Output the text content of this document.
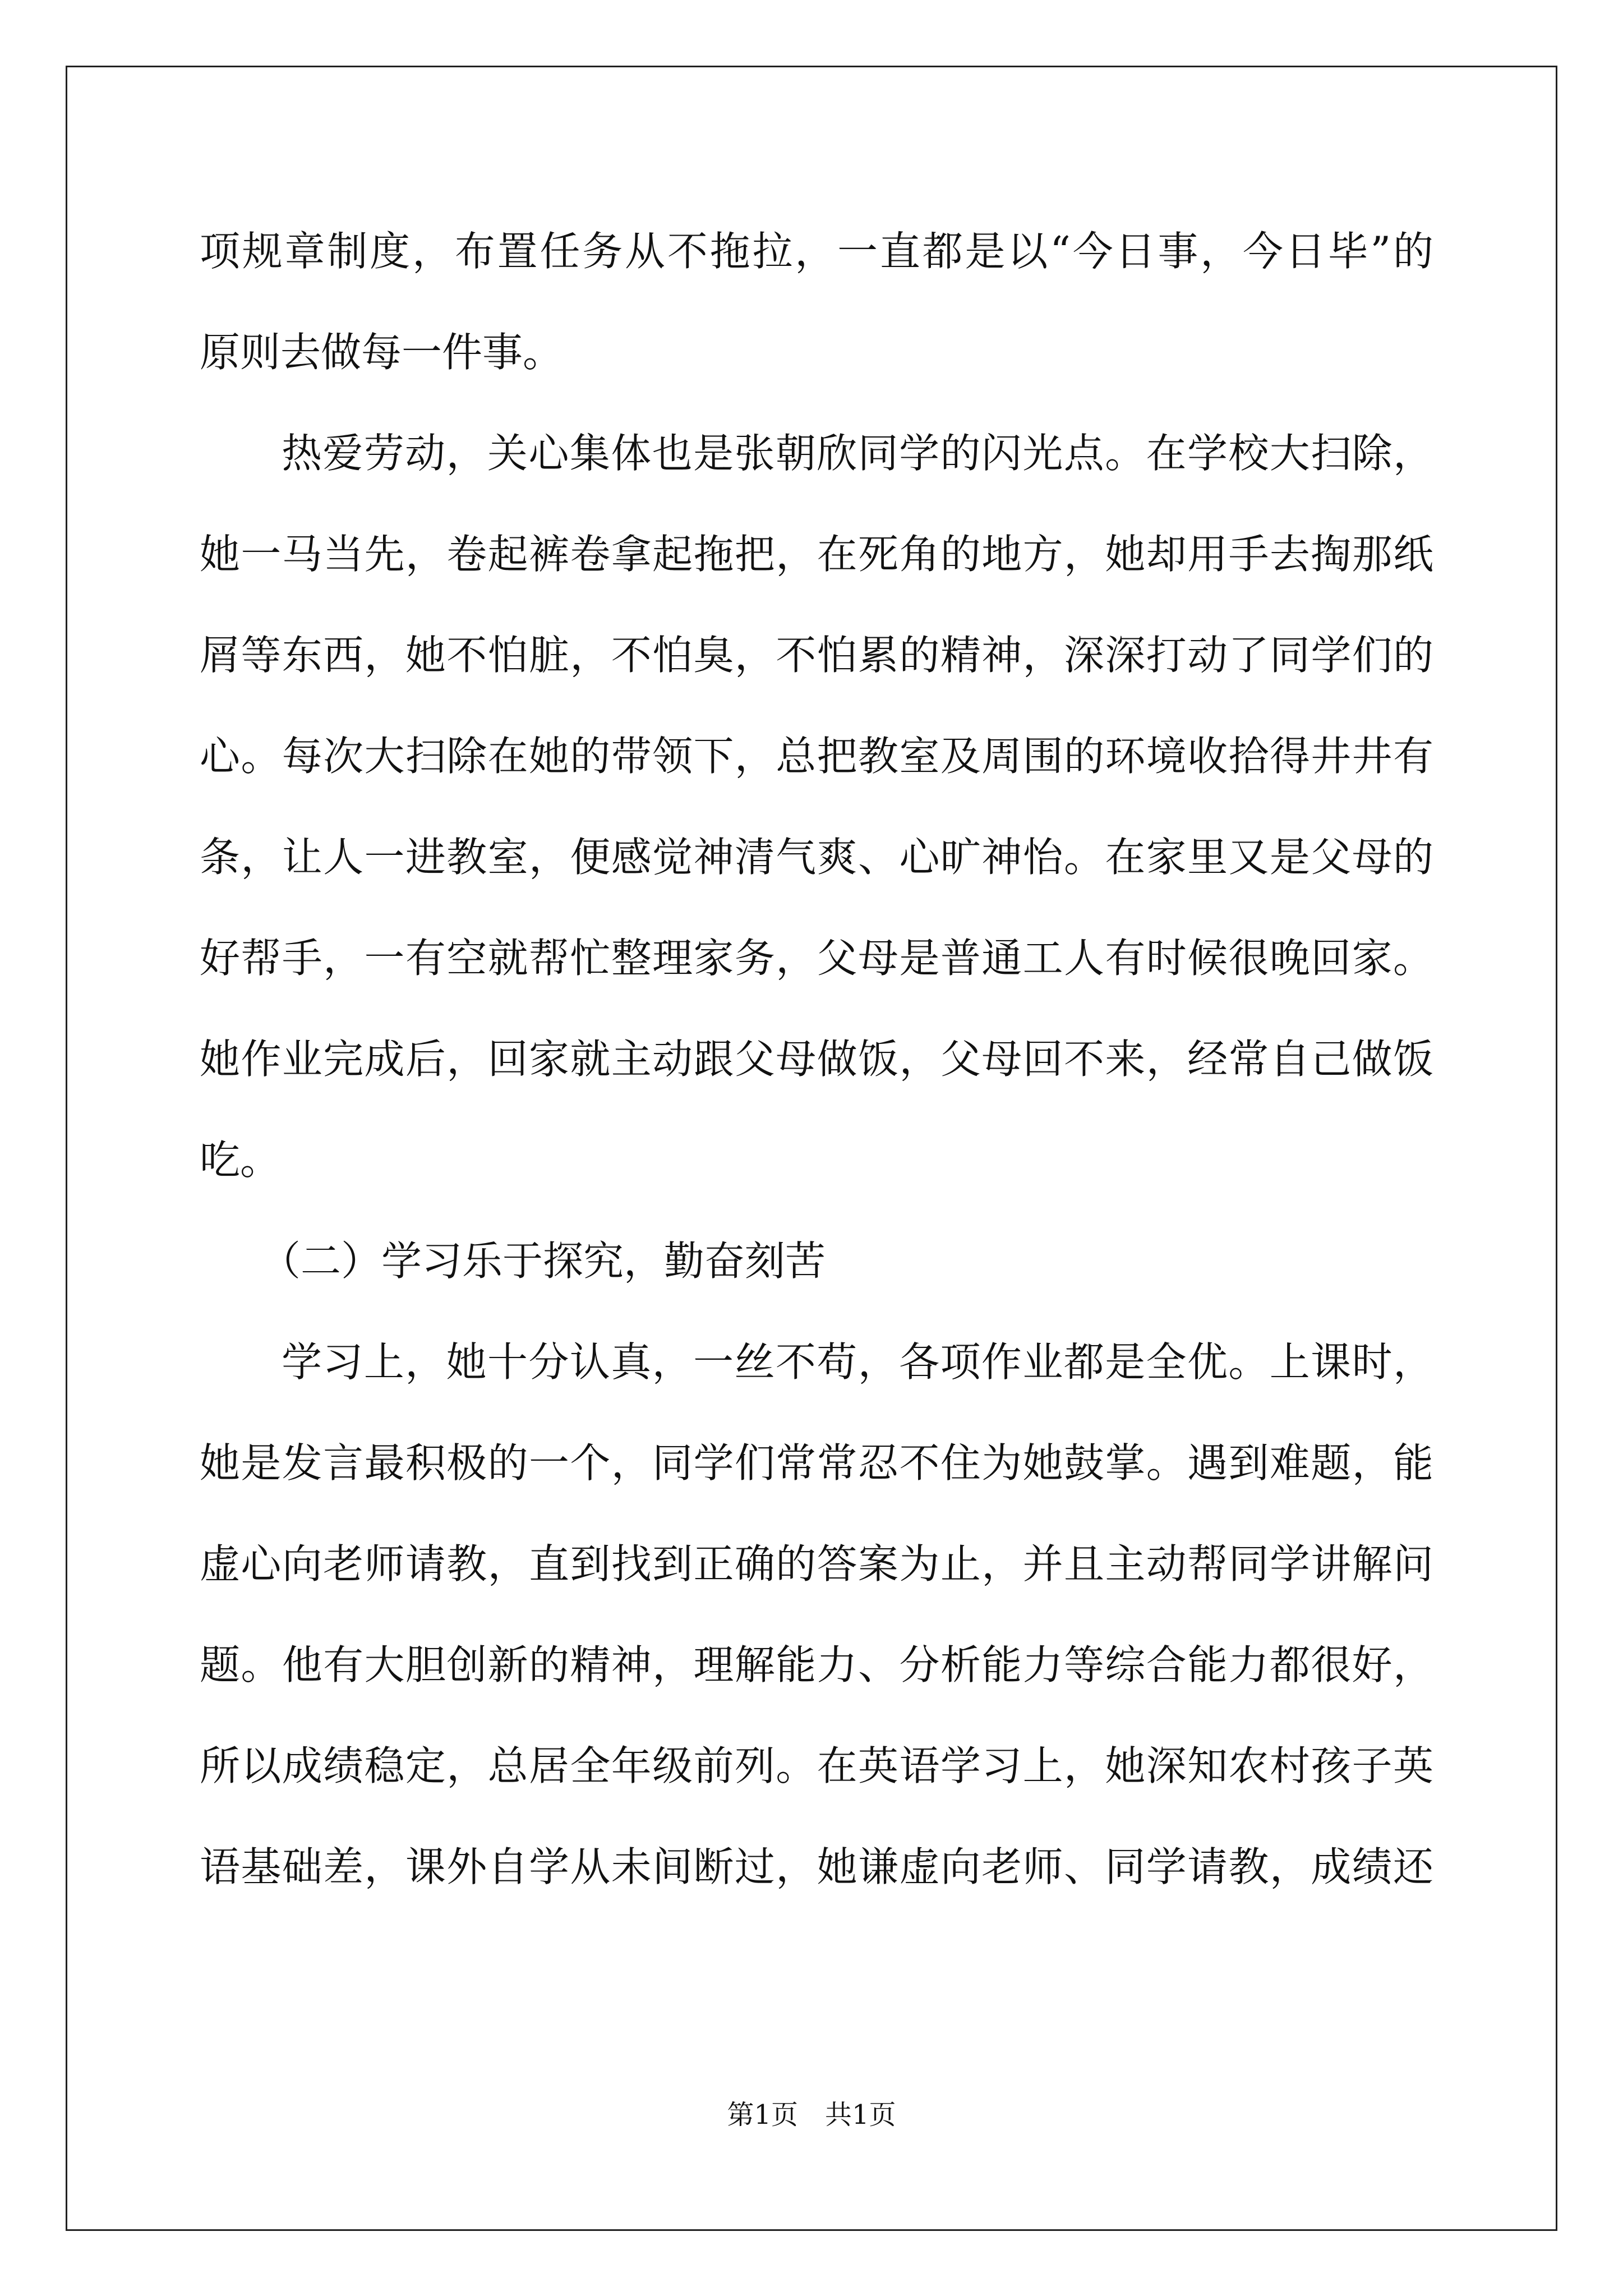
项规章制度，布置任务从不拖拉，一直都是以“今日事，今日毕”的
原则去做每一件事。
热爱劳动，关心集体也是张朝欣同学的闪光点。在学校大扫除，
她一马当先，卷起裤卷拿起拖把，在死角的地方，她却用手去掏那纸
屑等东西，她不怕脏，不怕臭，不怕累的精神，深深打动了同学们的
心。每次大扫除在她的带领下，总把教室及周围的环境收拾得井井有
条，让人一进教室，便感觉神清气爽、心旷神怡。在家里又是父母的
好帮手，一有空就帮忙整理家务，父母是普通工人有时候很晚回家。
她作业完成后，回家就主动跟父母做饭，父母回不来，经常自己做饭
吃。
（二）学习乐于探究，勤奋刻苦
学习上，她十分认真，一丝不苟，各项作业都是全优。上课时，
她是发言最积极的一个，同学们常常忍不住为她鼓掌。遇到难题，能
虚心向老师请教，直到找到正确的答案为止，并且主动帮同学讲解问
题。他有大胆创新的精神，理解能力、分析能力等综合能力都很好，
所以成绩稳定，总居全年级前列。在英语学习上，她深知农村孩子英
语基础差，课外自学从未间断过，她谦虚向老师、同学请教，成绩还
第1页　共1页
